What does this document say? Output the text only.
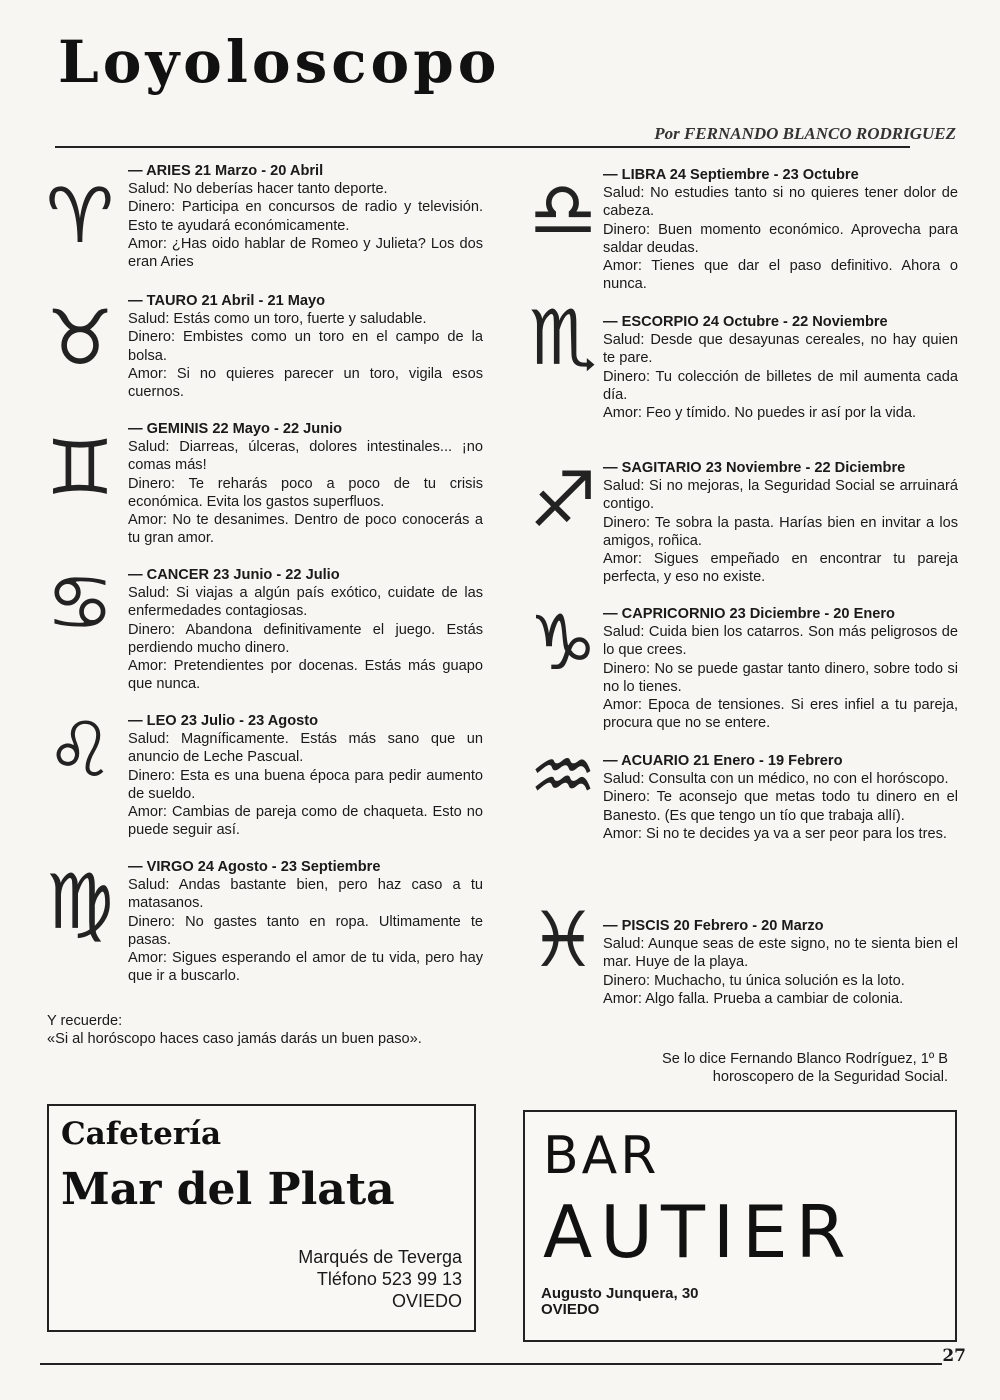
Loyoloscopo
Por FERNANDO BLANCO RODRIGUEZ
♈ — ARIES 21 Marzo - 20 Abril

Salud: No deberías hacer tanto deporte.

Dinero: Participa en concursos de radio y televisión. Esto te ayudará económicamente.

Amor: ¿Has oido hablar de Romeo y Julieta? Los dos eran Aries

♉ — TAURO 21 Abril - 21 Mayo

Salud: Estás como un toro, fuerte y saludable.

Dinero: Embistes como un toro en el campo de la bolsa.

Amor: Si no quieres parecer un toro, vigila esos cuernos.

♊ — GEMINIS 22 Mayo - 22 Junio

Salud: Diarreas, úlceras, dolores intestinales... ¡no comas más!

Dinero: Te reharás poco a poco de tu crisis económica. Evita los gastos superfluos.

Amor: No te desanimes. Dentro de poco conocerás a tu gran amor.

♋ — CANCER 23 Junio - 22 Julio

Salud: Si viajas a algún país exótico, cuidate de las enfermedades contagiosas.

Dinero: Abandona definitivamente el juego. Estás perdiendo mucho dinero.

Amor: Pretendientes por docenas. Estás más guapo que nunca.

♌ — LEO 23 Julio - 23 Agosto

Salud: Magníficamente. Estás más sano que un anuncio de Leche Pascual.

Dinero: Esta es una buena época para pedir aumento de sueldo.

Amor: Cambias de pareja como de chaqueta. Esto no puede seguir así.

♍ — VIRGO 24 Agosto - 23 Septiembre

Salud: Andas bastante bien, pero haz caso a tu matasanos.

Dinero: No gastes tanto en ropa. Ultimamente te pasas.

Amor: Sigues esperando el amor de tu vida, pero hay que ir a buscarlo.

♎ — LIBRA 24 Septiembre - 23 Octubre

Salud: No estudies tanto si no quieres tener dolor de cabeza.

Dinero: Buen momento económico. Aprovecha para saldar deudas.

Amor: Tienes que dar el paso definitivo. Ahora o nunca.

♏ — ESCORPIO 24 Octubre - 22 Noviembre

Salud: Desde que desayunas cereales, no hay quien te pare.

Dinero: Tu colección de billetes de mil aumenta cada día.

Amor: Feo y tímido. No puedes ir así por la vida.

♐ — SAGITARIO 23 Noviembre - 22 Diciembre

Salud: Si no mejoras, la Seguridad Social se arruinará contigo.

Dinero: Te sobra la pasta. Harías bien en invitar a los amigos, roñica.

Amor: Sigues empeñado en encontrar tu pareja perfecta, y eso no existe.

♑ — CAPRICORNIO 23 Diciembre - 20 Enero

Salud: Cuida bien los catarros. Son más peligrosos de lo que crees.

Dinero: No se puede gastar tanto dinero, sobre todo si no lo tienes.

Amor: Epoca de tensiones. Si eres infiel a tu pareja, procura que no se entere.

♒ — ACUARIO 21 Enero - 19 Febrero

Salud: Consulta con un médico, no con el horóscopo.

Dinero: Te aconsejo que metas todo tu dinero en el Banesto. (Es que tengo un tío que trabaja allí).

Amor: Si no te decides ya va a ser peor para los tres.

♓ — PISCIS 20 Febrero - 20 Marzo

Salud: Aunque seas de este signo, no te sienta bien el mar. Huye de la playa.

Dinero: Muchacho, tu única solución es la loto.

Amor: Algo falla. Prueba a cambiar de colonia.

Y recuerde:

«Si al horóscopo haces caso jamás darás un buen paso».

Se lo dice Fernando Blanco Rodríguez, 1º B

horoscopero de la Seguridad Social.

Cafetería
Mar del Plata

Marqués de Teverga

Tléfono 523 99 13

OVIEDO

BAR
AUTIER

Augusto Junquera, 30

OVIEDO

27
